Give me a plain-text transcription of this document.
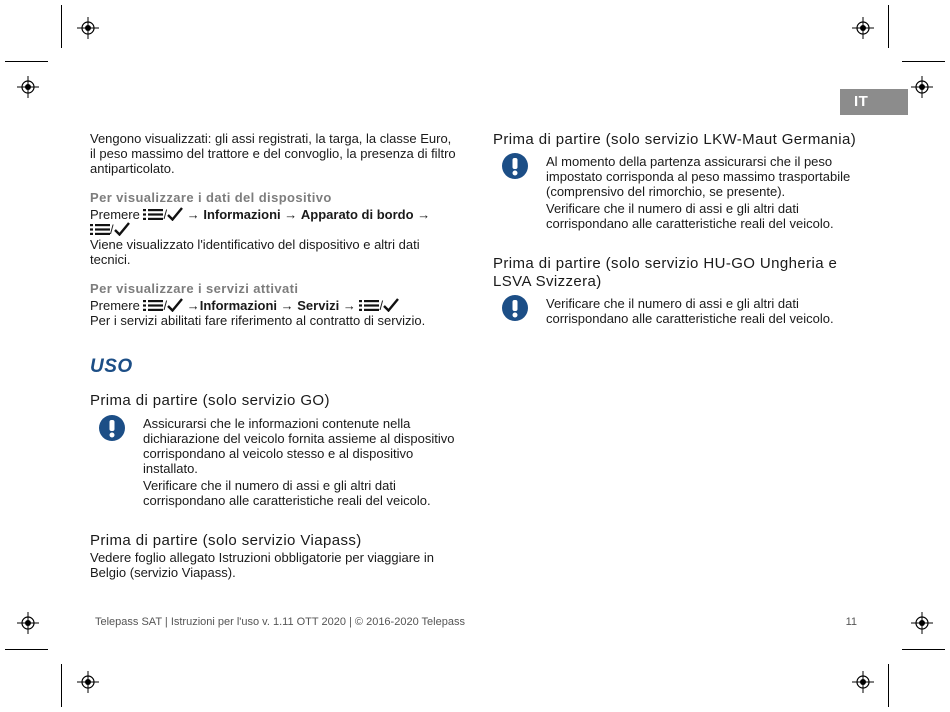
IT

Vengono visualizzati: gli assi registrati, la targa, la classe Euro, il peso massimo del trattore e del convoglio, la presenza di filtro antiparticolato.

Per visualizzare i dati del dispositivo

Premere / → Informazioni → Apparato di bordo →
/

Viene visualizzato l'identificativo del dispositivo e altri dati tecnici.

Per visualizzare i servizi attivati

Premere / →Informazioni → Servizi → /

Per i servizi abilitati fare riferimento al contratto di servizio.

USO
Prima di partire (solo servizio GO)

Assicurarsi che le informazioni contenute nella dichiarazione del veicolo fornita assieme al dispositivo corrispondano al veicolo stesso e al dispositivo installato.

Verificare che il numero di assi e gli altri dati corrispondano alle caratteristiche reali del veicolo.

Prima di partire (solo servizio Viapass)

Vedere foglio allegato Istruzioni obbligatorie per viaggiare in Belgio (servizio Viapass).

Prima di partire (solo servizio LKW-Maut Germania)

Al momento della partenza assicurarsi che il peso impostato corrisponda al peso massimo trasportabile (comprensivo del rimorchio, se presente).

Verificare che il numero di assi e gli altri dati corrispondano alle caratteristiche reali del veicolo.

Prima di partire (solo servizio HU-GO Ungheria e LSVA Svizzera)

Verificare che il numero di assi e gli altri dati corrispondano alle caratteristiche reali del veicolo.

Telepass SAT | Istruzioni per l'uso v. 1.11 OTT 2020 | © 2016-2020 Telepass	11
